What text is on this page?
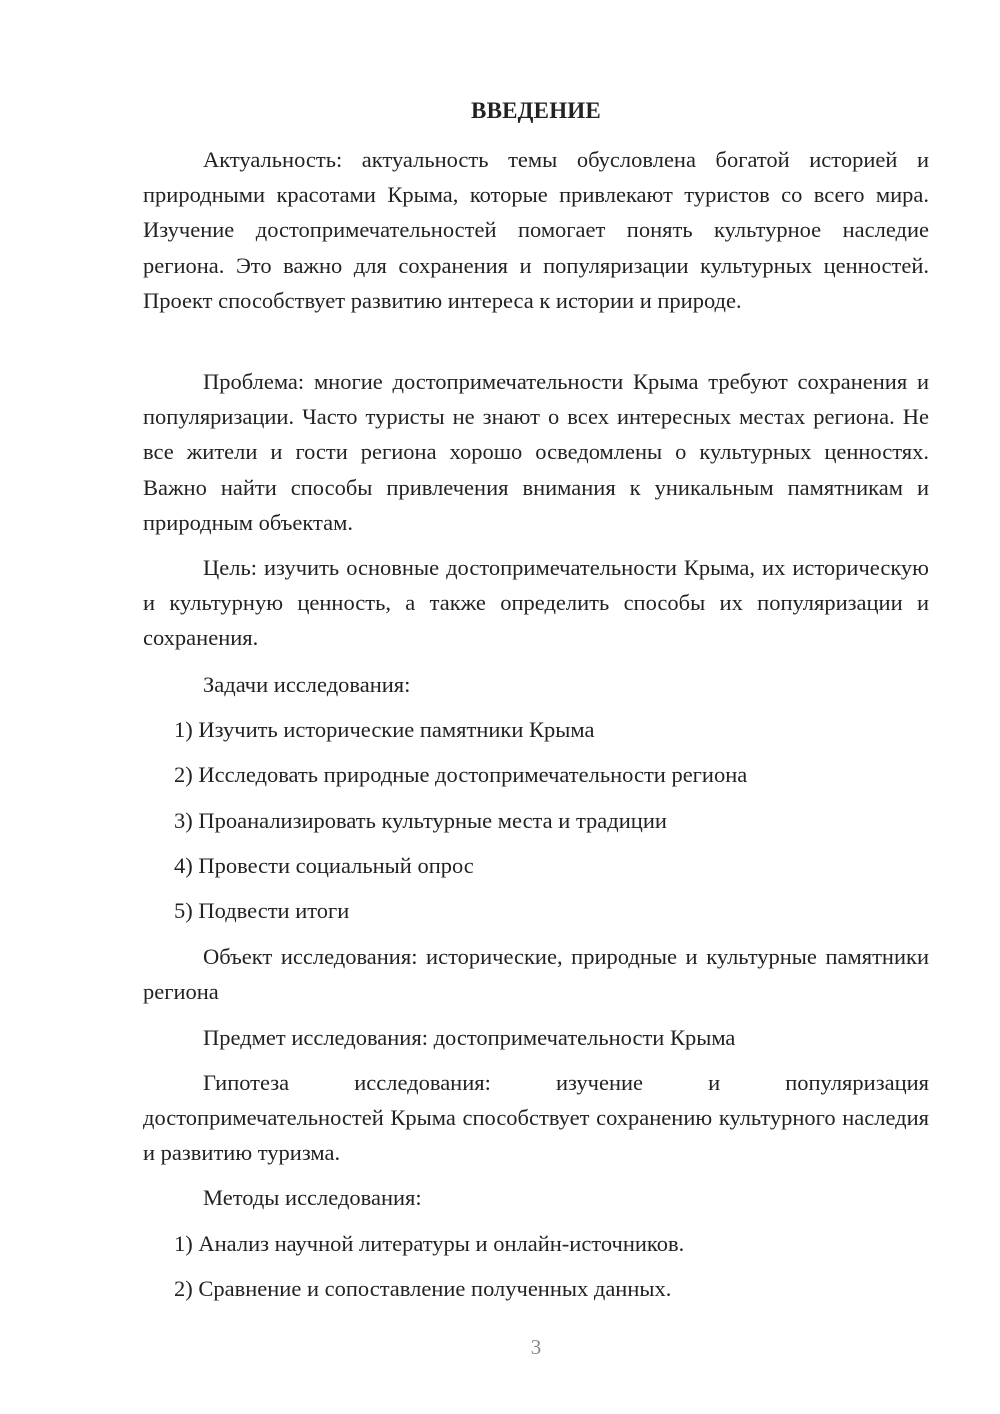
ВВЕДЕНИЕ

Актуальность: актуальность темы обусловлена богатой историей и природными красотами Крыма, которые привлекают туристов со всего мира. Изучение достопримечательностей помогает понять культурное наследие региона. Это важно для сохранения и популяризации культурных ценностей. Проект способствует развитию интереса к истории и природе.

Проблема: многие достопримечательности Крыма требуют сохранения и популяризации. Часто туристы не знают о всех интересных местах региона. Не все жители и гости региона хорошо осведомлены о культурных ценностях. Важно найти способы привлечения внимания к уникальным памятникам и природным объектам.

Цель: изучить основные достопримечательности Крыма, их историческую и культурную ценность, а также определить способы их популяризации и сохранения.

Задачи исследования:

1) Изучить исторические памятники Крыма

2) Исследовать природные достопримечательности региона

3) Проанализировать культурные места и традиции

4) Провести социальный опрос

5) Подвести итоги

Объект исследования: исторические, природные и культурные памятники региона

Предмет исследования: достопримечательности Крыма

Гипотеза исследования: изучение и популяризация достопримечательностей Крыма способствует сохранению культурного наследия и развитию туризма.

Методы исследования:

1) Анализ научной литературы и онлайн-источников.

2) Сравнение и сопоставление полученных данных.

3
